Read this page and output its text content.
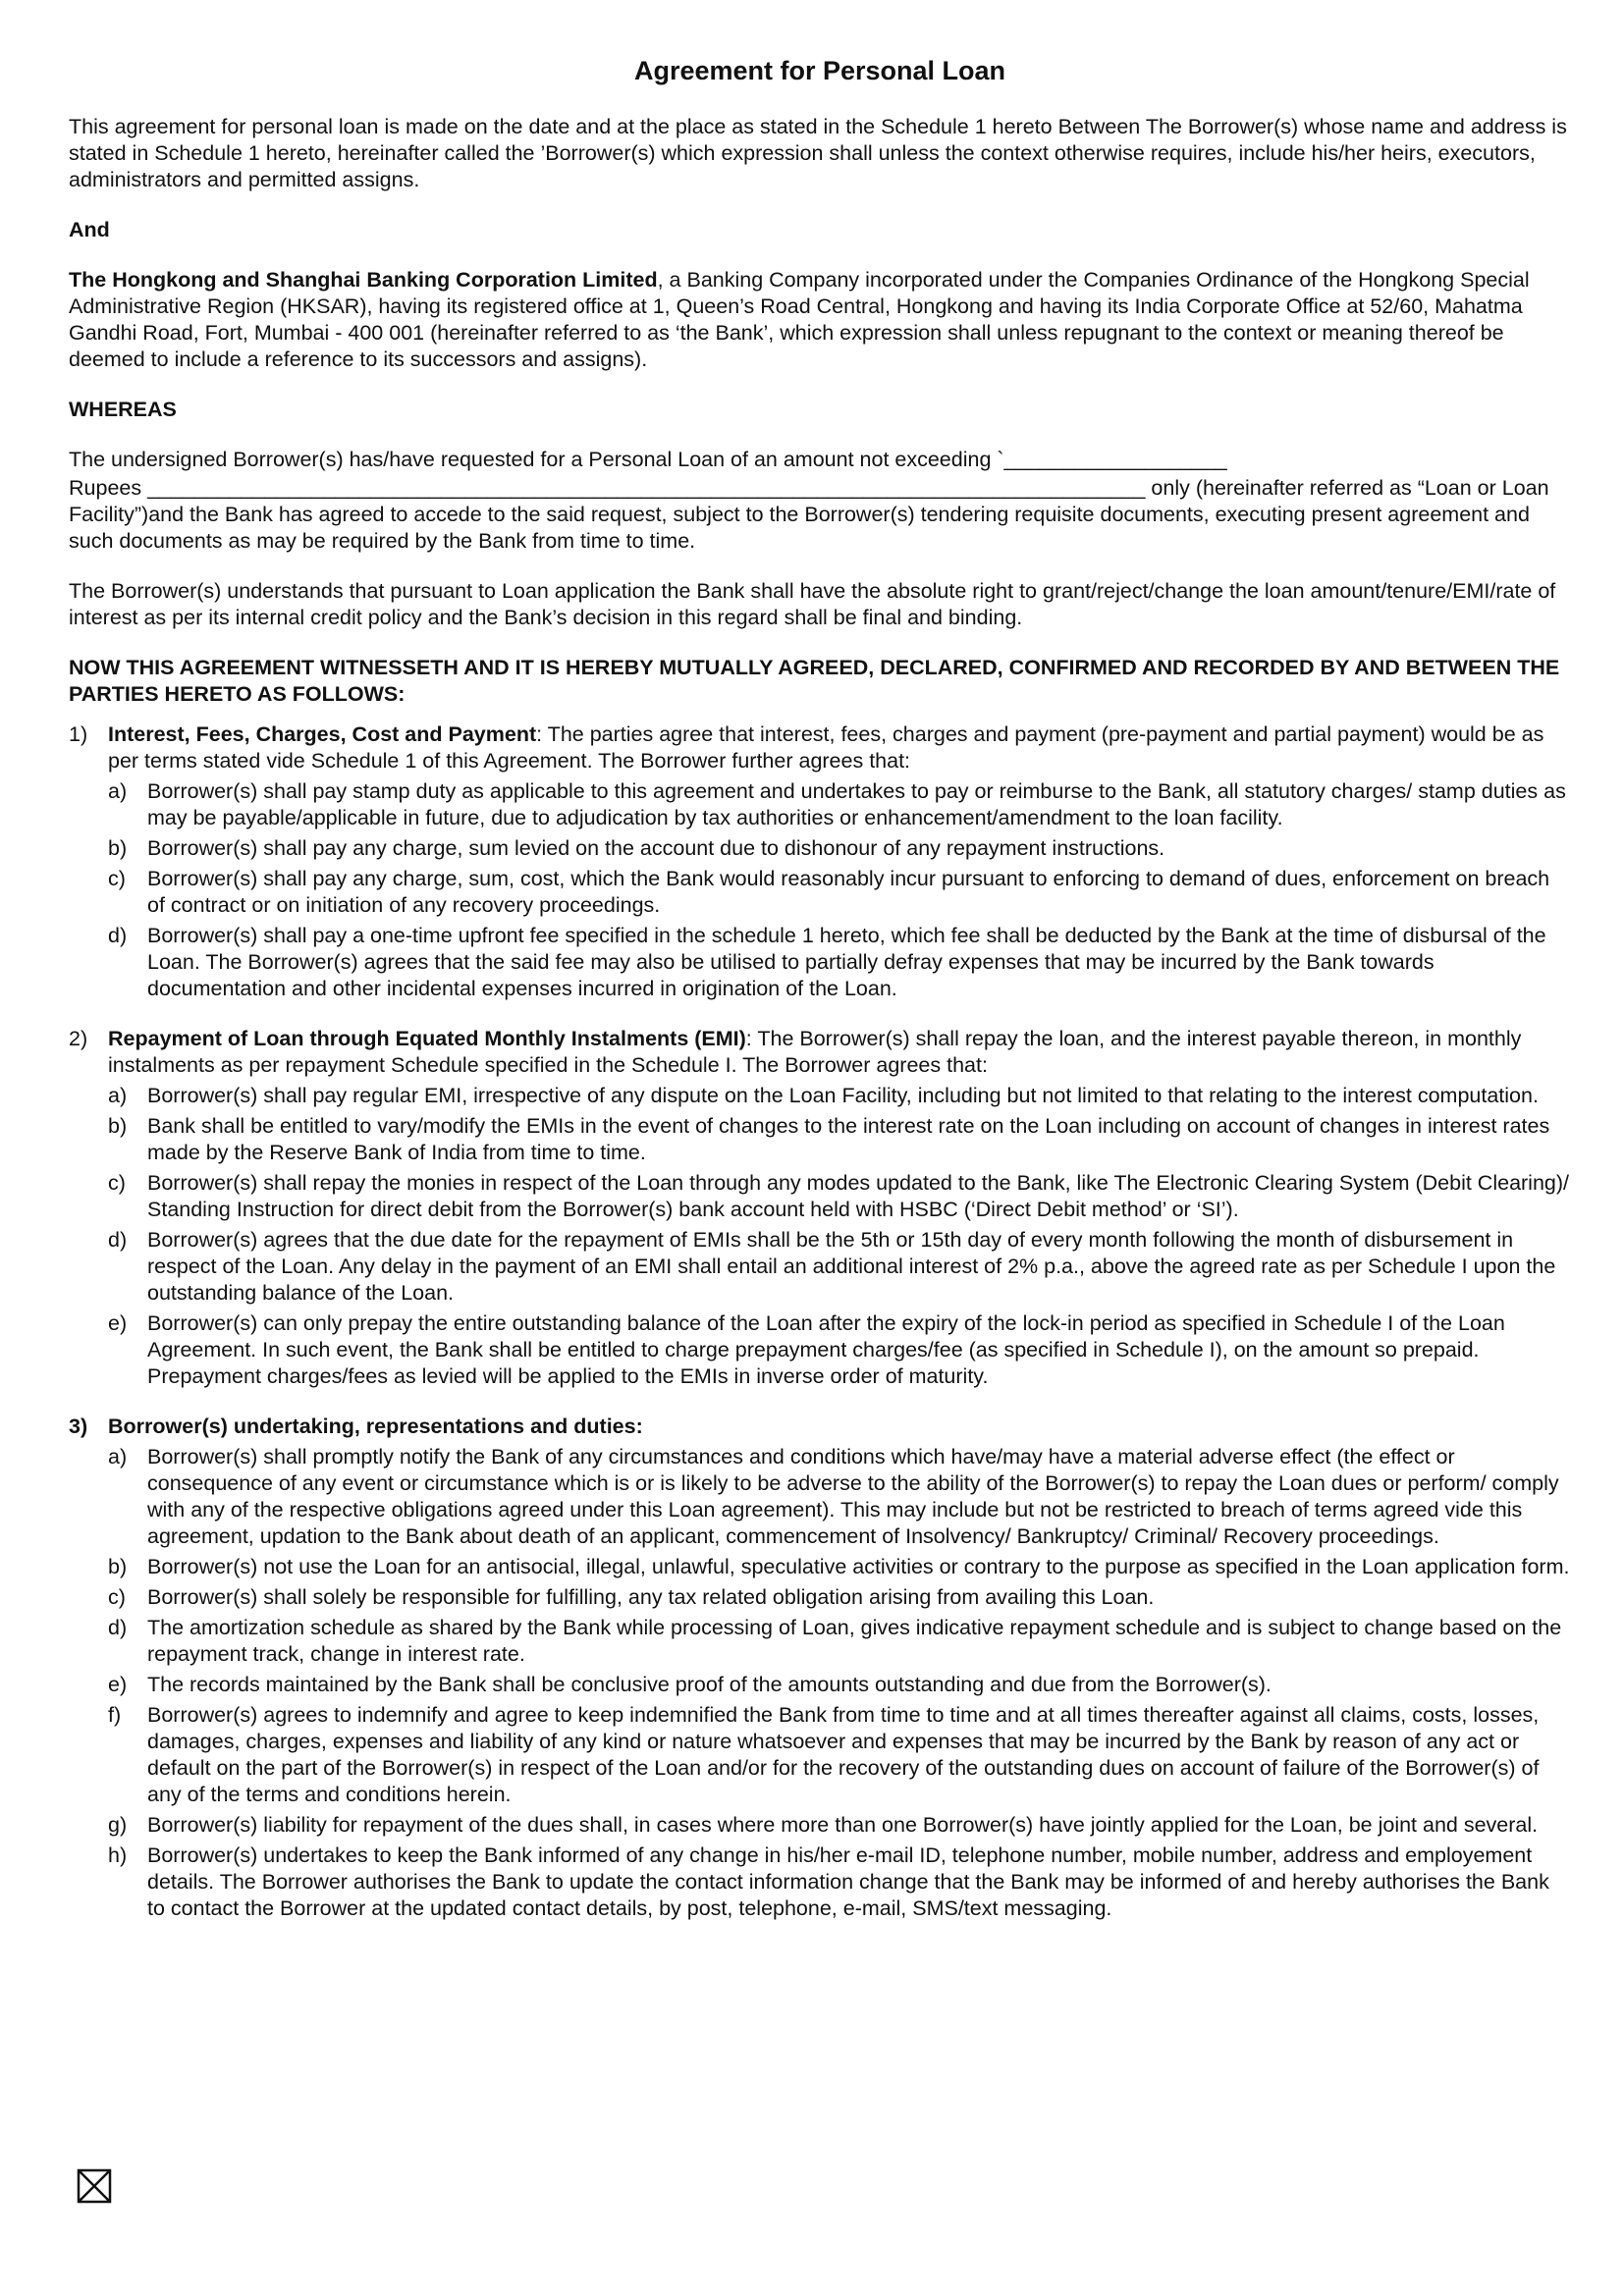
Agreement for Personal Loan

This agreement for personal loan is made on the date and at the place as stated in the Schedule 1 hereto Between The Borrower(s) whose name and address is stated in Schedule 1 hereto, hereinafter called the ’Borrower(s) which expression shall unless the context otherwise requires, include his/her heirs, executors, administrators and permitted assigns.

And

The Hongkong and Shanghai Banking Corporation Limited, a Banking Company incorporated under the Companies Ordinance of the Hongkong Special Administrative Region (HKSAR), having its registered office at 1, Queen’s Road Central, Hongkong and having its India Corporate Office at 52/60, Mahatma Gandhi Road, Fort, Mumbai - 400 001 (hereinafter referred to as ‘the Bank’, which expression shall unless repugnant to the context or meaning thereof be deemed to include a reference to its successors and assigns).

WHEREAS

The undersigned Borrower(s) has/have requested for a Personal Loan of an amount not exceeding `___________________
Rupees _____________________________________________________________________________________ only (hereinafter referred as “Loan or Loan Facility”)and the Bank has agreed to accede to the said request, subject to the Borrower(s) tendering requisite documents, executing present agreement and such documents as may be required by the Bank from time to time.

The Borrower(s) understands that pursuant to Loan application the Bank shall have the absolute right to grant/reject/change the loan amount/tenure/EMI/rate of interest as per its internal credit policy and the Bank’s decision in this regard shall be final and binding.

NOW THIS AGREEMENT WITNESSETH AND IT IS HEREBY MUTUALLY AGREED, DECLARED, CONFIRMED AND RECORDED BY AND BETWEEN THE PARTIES HERETO AS FOLLOWS:

1) Interest, Fees, Charges, Cost and Payment: The parties agree that interest, fees, charges and payment (pre-payment and partial payment) would be as per terms stated vide Schedule 1 of this Agreement. The Borrower further agrees that:
a) Borrower(s) shall pay stamp duty as applicable to this agreement and undertakes to pay or reimburse to the Bank, all statutory charges/ stamp duties as may be payable/applicable in future, due to adjudication by tax authorities or enhancement/amendment to the loan facility.
b) Borrower(s) shall pay any charge, sum levied on the account due to dishonour of any repayment instructions.
c) Borrower(s) shall pay any charge, sum, cost, which the Bank would reasonably incur pursuant to enforcing to demand of dues, enforcement on breach of contract or on initiation of any recovery proceedings.
d) Borrower(s) shall pay a one-time upfront fee specified in the schedule 1 hereto, which fee shall be deducted by the Bank at the time of disbursal of the Loan. The Borrower(s) agrees that the said fee may also be utilised to partially defray expenses that may be incurred by the Bank towards documentation and other incidental expenses incurred in origination of the Loan.
2) Repayment of Loan through Equated Monthly Instalments (EMI): The Borrower(s) shall repay the loan, and the interest payable thereon, in monthly instalments as per repayment Schedule specified in the Schedule I. The Borrower agrees that:
a) Borrower(s) shall pay regular EMI, irrespective of any dispute on the Loan Facility, including but not limited to that relating to the interest computation.
b) Bank shall be entitled to vary/modify the EMIs in the event of changes to the interest rate on the Loan including on account of changes in interest rates made by the Reserve Bank of India from time to time.
c) Borrower(s) shall repay the monies in respect of the Loan through any modes updated to the Bank, like The Electronic Clearing System (Debit Clearing)/ Standing Instruction for direct debit from the Borrower(s) bank account held with HSBC (‘Direct Debit method’ or ‘SI’).
d) Borrower(s) agrees that the due date for the repayment of EMIs shall be the 5th or 15th day of every month following the month of disbursement in respect of the Loan. Any delay in the payment of an EMI shall entail an additional interest of 2% p.a., above the agreed rate as per Schedule I upon the outstanding balance of the Loan.
e) Borrower(s) can only prepay the entire outstanding balance of the Loan after the expiry of the lock-in period as specified in Schedule I of the Loan Agreement. In such event, the Bank shall be entitled to charge prepayment charges/fee (as specified in Schedule I), on the amount so prepaid. Prepayment charges/fees as levied will be applied to the EMIs in inverse order of maturity.
3) Borrower(s) undertaking, representations and duties:
a) Borrower(s) shall promptly notify the Bank of any circumstances and conditions which have/may have a material adverse effect (the effect or consequence of any event or circumstance which is or is likely to be adverse to the ability of the Borrower(s) to repay the Loan dues or perform/ comply with any of the respective obligations agreed under this Loan agreement). This may include but not be restricted to breach of terms agreed vide this agreement, updation to the Bank about death of an applicant, commencement of Insolvency/ Bankruptcy/ Criminal/ Recovery proceedings.
b) Borrower(s) not use the Loan for an antisocial, illegal, unlawful, speculative activities or contrary to the purpose as specified in the Loan application form.
c) Borrower(s) shall solely be responsible for fulfilling, any tax related obligation arising from availing this Loan.
d) The amortization schedule as shared by the Bank while processing of Loan, gives indicative repayment schedule and is subject to change based on the repayment track, change in interest rate.
e) The records maintained by the Bank shall be conclusive proof of the amounts outstanding and due from the Borrower(s).
f) Borrower(s) agrees to indemnify and agree to keep indemnified the Bank from time to time and at all times thereafter against all claims, costs, losses, damages, charges, expenses and liability of any kind or nature whatsoever and expenses that may be incurred by the Bank by reason of any act or default on the part of the Borrower(s) in respect of the Loan and/or for the recovery of the outstanding dues on account of failure of the Borrower(s) of any of the terms and conditions herein.
g) Borrower(s) liability for repayment of the dues shall, in cases where more than one Borrower(s) have jointly applied for the Loan, be joint and several.
h) Borrower(s) undertakes to keep the Bank informed of any change in his/her e-mail ID, telephone number, mobile number, address and employement details. The Borrower authorises the Bank to update the contact information change that the Bank may be informed of and hereby authorises the Bank to contact the Borrower at the updated contact details, by post, telephone, e-mail, SMS/text messaging.
